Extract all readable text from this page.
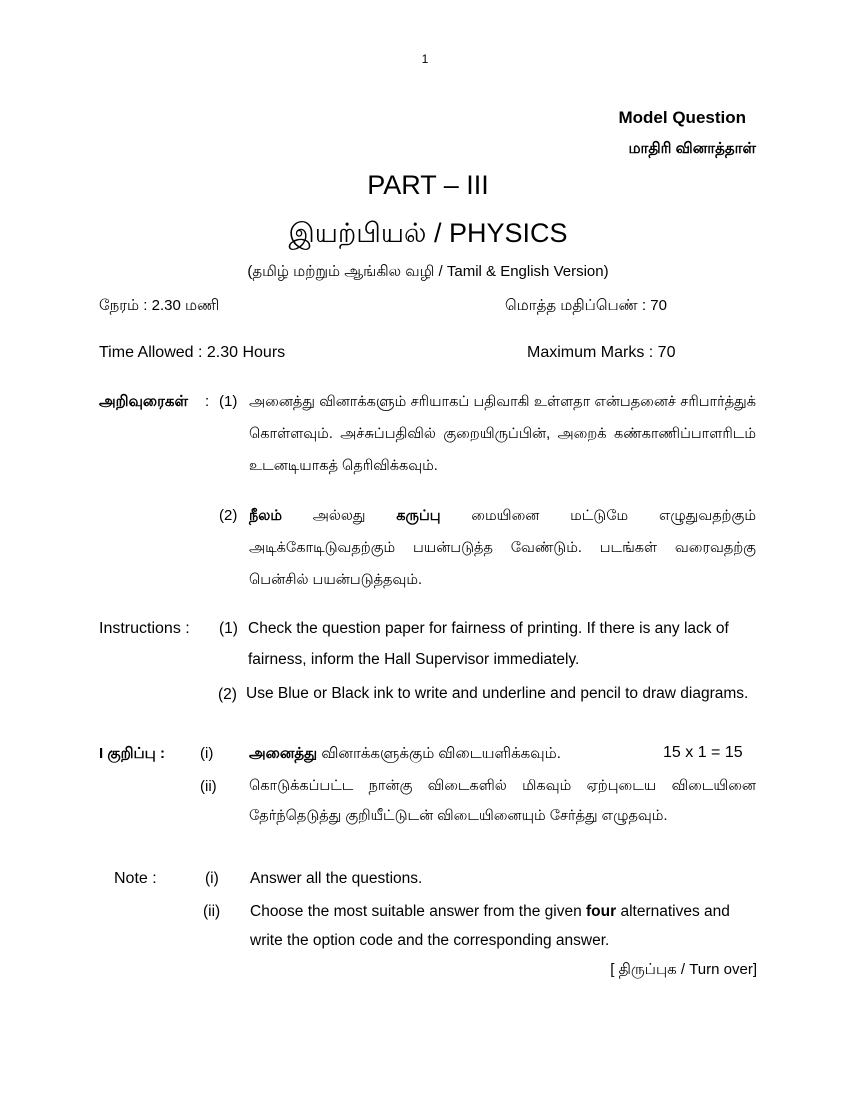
1
Model Question
மாதிரி வினாத்தாள்
PART – III
இயற்பியல் / PHYSICS
(தமிழ் மற்றும் ஆங்கில வழி / Tamil & English Version)
நேரம் : 2.30 மணி	மொத்த மதிப்பெண் : 70
Time Allowed : 2.30 Hours	Maximum Marks : 70
அறிவுரைகள் : (1) அனைத்து வினாக்களும் சரியாகப் பதிவாகி உள்ளதா என்பதனைச் சரிபார்த்துக் கொள்ளவும். அச்சுப்பதிவில் குறையிருப்பின், அறைக் கண்காணிப்பாளரிடம் உடனடியாகத் தெரிவிக்கவும்.
(2) நீலம் அல்லது கருப்பு மையினை மட்டுமே எழுதுவதற்கும் அடிக்கோடிடுவதற்கும் பயன்படுத்த வேண்டும். படங்கள் வரைவதற்கு பென்சில் பயன்படுத்தவும்.
Instructions : (1) Check the question paper for fairness of printing. If there is any lack of fairness, inform the Hall Supervisor immediately.
(2) Use Blue or Black ink to write and underline and pencil to draw diagrams.
I குறிப்பு : (i) அனைத்து வினாக்களுக்கும் விடையளிக்கவும்.	15 x 1 = 15
(ii) கொடுக்கப்பட்ட நான்கு விடைகளில் மிகவும் ஏற்புடைய விடையினை தேர்ந்தெடுத்து குறியீட்டுடன் விடையினையும் சேர்த்து எழுதவும்.
Note :	(i) Answer all the questions.
(ii) Choose the most suitable answer from the given four alternatives and write the option code and the corresponding answer.
[ திருப்புக / Turn over]
